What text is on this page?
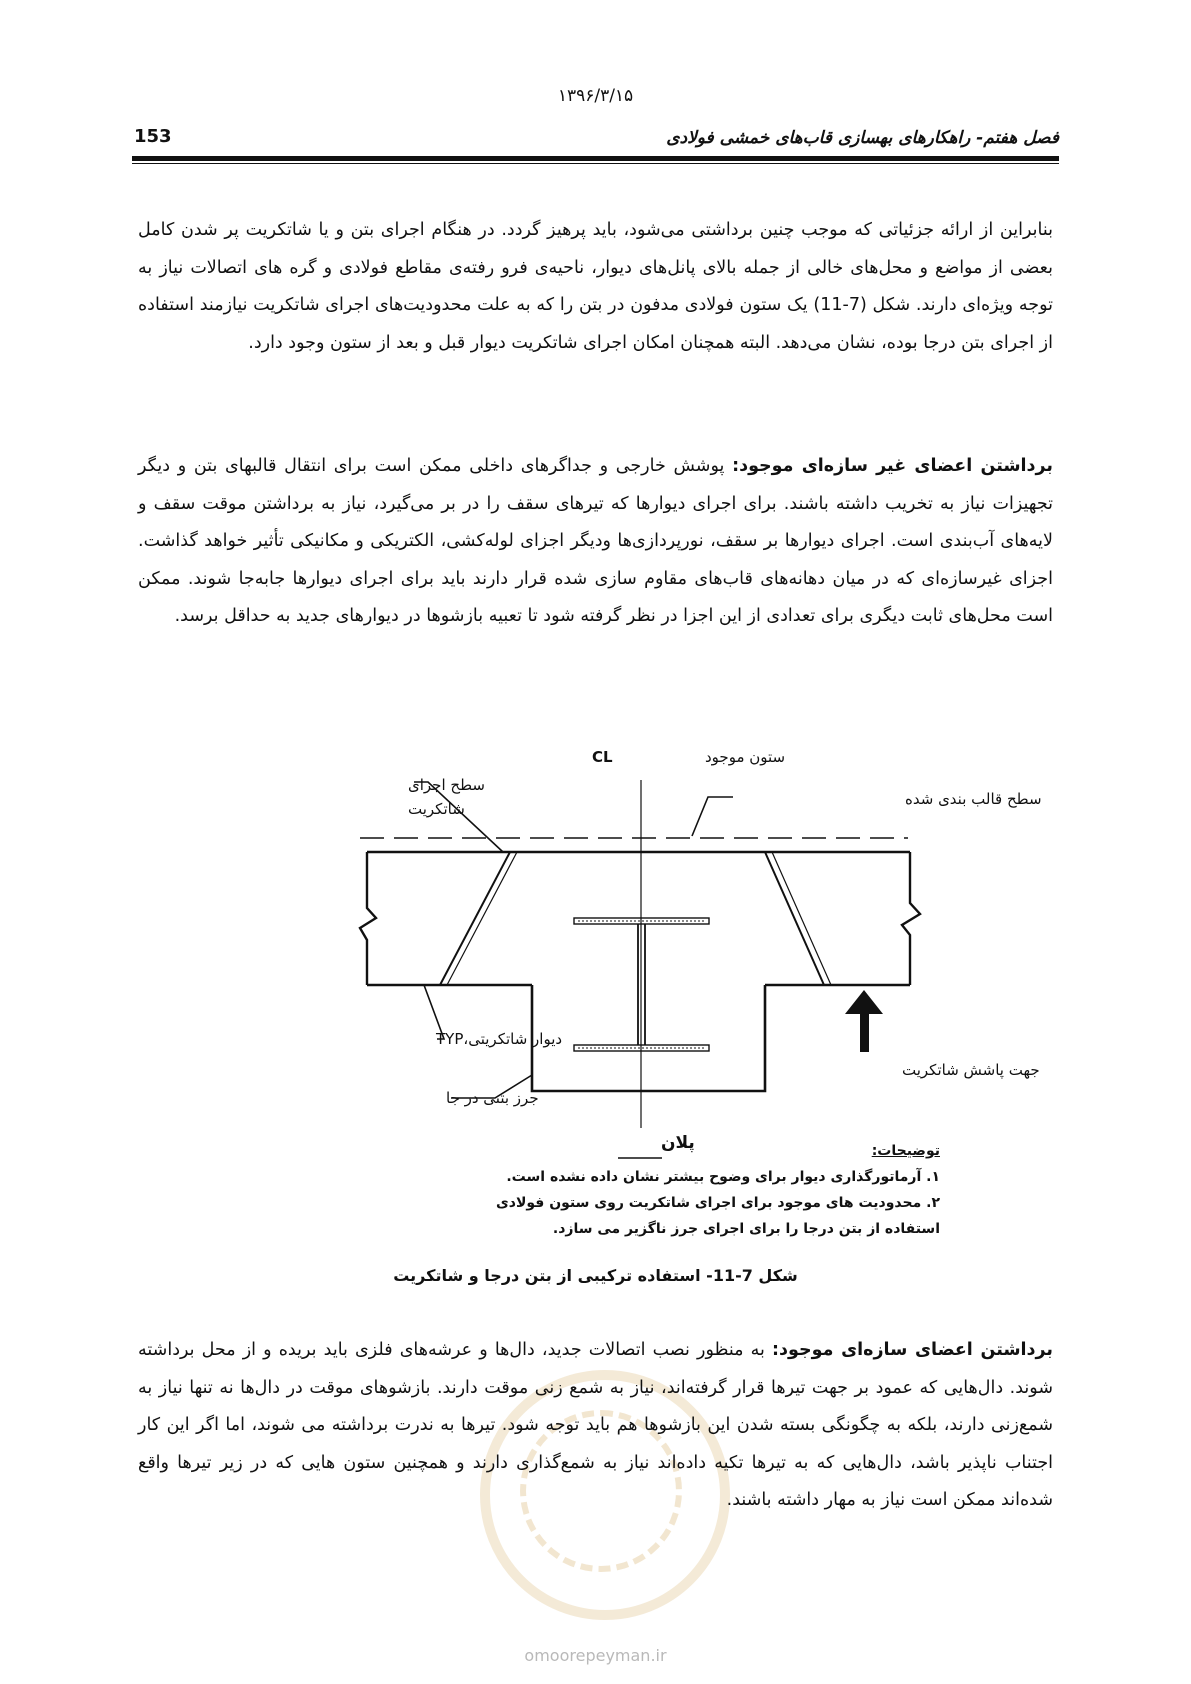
۱۳۹۶/۳/۱۵
فصل هفتم- راهکارهای بهسازی قاب‌های خمشی فولادی
153
بنابراین از ارائه جزئیاتی که موجب چنین برداشتی می‌شود، باید پرهیز گردد. در هنگام اجرای بتن و یا شاتکریت پر شدن کامل بعضی از مواضع و محل‌های خالی از جمله بالای پانل‌های دیوار، ناحیه‌ی فرو رفته‌ی مقاطع فولادی و گره های اتصالات نیاز به توجه ویژه‌ای دارند. شکل (7-11) یک ستون فولادی مدفون در بتن را که به علت محدودیت‌های اجرای شاتکریت نیازمند استفاده از اجرای بتن درجا بوده، نشان می‌دهد. البته همچنان امکان اجرای شاتکریت دیوار قبل و بعد از ستون وجود دارد.
برداشتن اعضای غیر سازه‌ای موجود: پوشش خارجی و جداگرهای داخلی ممکن است برای انتقال قالبهای بتن و دیگر تجهیزات نیاز به تخریب داشته باشند. برای اجرای دیوارها که تیرهای سقف را در بر می‌گیرد، نیاز به برداشتن موقت سقف و لایه‌های آب‌بندی است. اجرای دیوارها بر سقف، نورپردازی‌ها ودیگر اجزای لوله‌کشی، الکتریکی و مکانیکی تأثیر خواهد گذاشت. اجزای غیرسازه‌ای که در میان دهانه‌های قاب‌های مقاوم سازی شده قرار دارند باید برای اجرای دیوارها جابه‌جا شوند. ممکن است محل‌های ثابت دیگری برای تعدادی از این اجزا در نظر گرفته شود تا تعبیه بازشوها در دیوارهای جدید به حداقل برسد.
ستون موجود
CL
سطح اجرای
شاتکریت
سطح قالب بندی شده
دیوار شاتکریتی،TYP
جهت پاشش شاتکریت
جرز بتنی در جا
پلان	توضیحات:
۱. آرماتورگذاری دیوار برای وضوح بیشتر نشان داده نشده است.
۲. محدودیت های موجود برای اجرای شاتکریت روی ستون فولادی
استفاده از بتن درجا را برای اجرای جرز ناگزیر می سازد.
شکل 7-11- استفاده ترکیبی از بتن درجا و شاتکریت
برداشتن اعضای سازه‌ای موجود: به منظور نصب اتصالات جدید، دال‌ها و عرشه‌های فلزی باید بریده و از محل برداشته شوند. دال‌هایی که عمود بر جهت تیرها قرار گرفته‌اند، نیاز به شمع زنی موقت دارند. بازشوهای موقت در دال‌ها نه تنها نیاز به شمع‌زنی دارند، بلکه به چگونگی بسته شدن این بازشوها هم باید توجه شود. تیرها به ندرت برداشته می شوند، اما اگر این کار اجتناب ناپذیر باشد، دال‌هایی که به تیرها تکیه داده‌اند نیاز به شمع‌گذاری دارند و همچنین ستون هایی که در زیر تیرها واقع شده‌اند ممکن است نیاز به مهار داشته باشند.
omoorepeyman.ir
